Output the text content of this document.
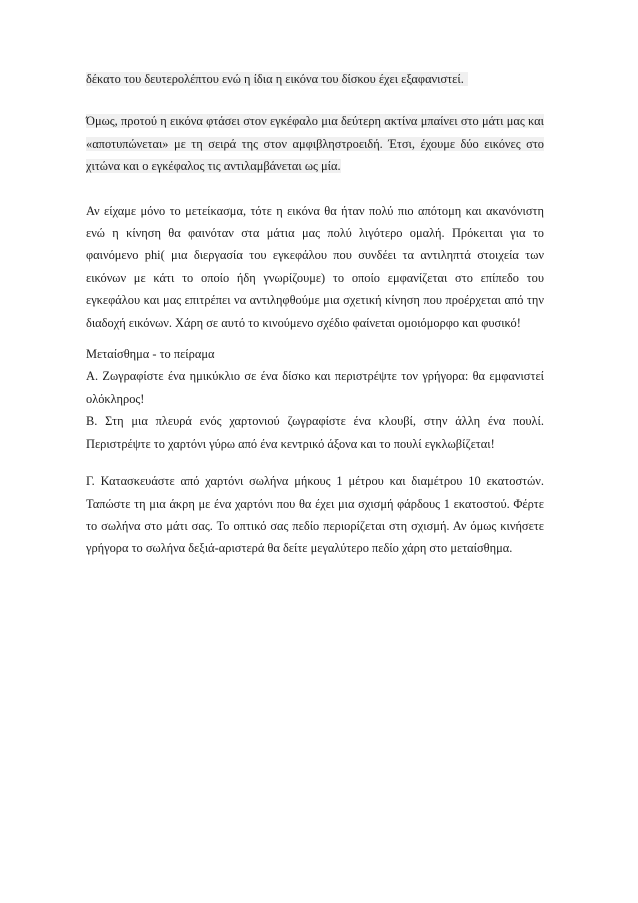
δέκατο του δευτερολέπτου ενώ η ίδια η εικόνα του δίσκου έχει εξαφανιστεί.

Όμως, προτού η εικόνα φτάσει στον εγκέφαλο μια δεύτερη ακτίνα μπαίνει στο μάτι μας και «αποτυπώνεται» με τη σειρά της στον αμφιβληστροειδή. Έτσι, έχουμε δύο εικόνες στο χιτώνα και ο εγκέφαλος τις αντιλαμβάνεται ως μία.

Αν είχαμε μόνο το μετείκασμα, τότε η εικόνα θα ήταν πολύ πιο απότομη και ακανόνιστη ενώ η κίνηση θα φαινόταν στα μάτια μας πολύ λιγότερο ομαλή. Πρόκειται για το φαινόμενο phi( μια διεργασία του εγκεφάλου που συνδέει τα αντιληπτά στοιχεία των εικόνων με κάτι το οποίο ήδη γνωρίζουμε) το οποίο εμφανίζεται στο επίπεδο του εγκεφάλου και μας επιτρέπει να αντιληφθούμε μια σχετική κίνηση που προέρχεται από την διαδοχή εικόνων. Χάρη σε αυτό το κινούμενο σχέδιο φαίνεται ομοιόμορφο και φυσικό!

Μεταίσθημα - το πείραμα

Α. Ζωγραφίστε ένα ημικύκλιο σε ένα δίσκο και περιστρέψτε τον γρήγορα: θα εμφανιστεί ολόκληρος!

Β. Στη μια πλευρά ενός χαρτονιού ζωγραφίστε ένα κλουβί, στην άλλη ένα πουλί. Περιστρέψτε το χαρτόνι γύρω από ένα κεντρικό άξονα και το πουλί εγκλωβίζεται!

Γ. Κατασκευάστε από χαρτόνι σωλήνα μήκους 1 μέτρου και διαμέτρου 10 εκατοστών. Ταπώστε τη μια άκρη με ένα χαρτόνι που θα έχει μια σχισμή φάρδους 1 εκατοστού. Φέρτε το σωλήνα στο μάτι σας. Το οπτικό σας πεδίο περιορίζεται στη σχισμή. Αν όμως κινήσετε γρήγορα το σωλήνα δεξιά-αριστερά θα δείτε μεγαλύτερο πεδίο χάρη στο μεταίσθημα.
